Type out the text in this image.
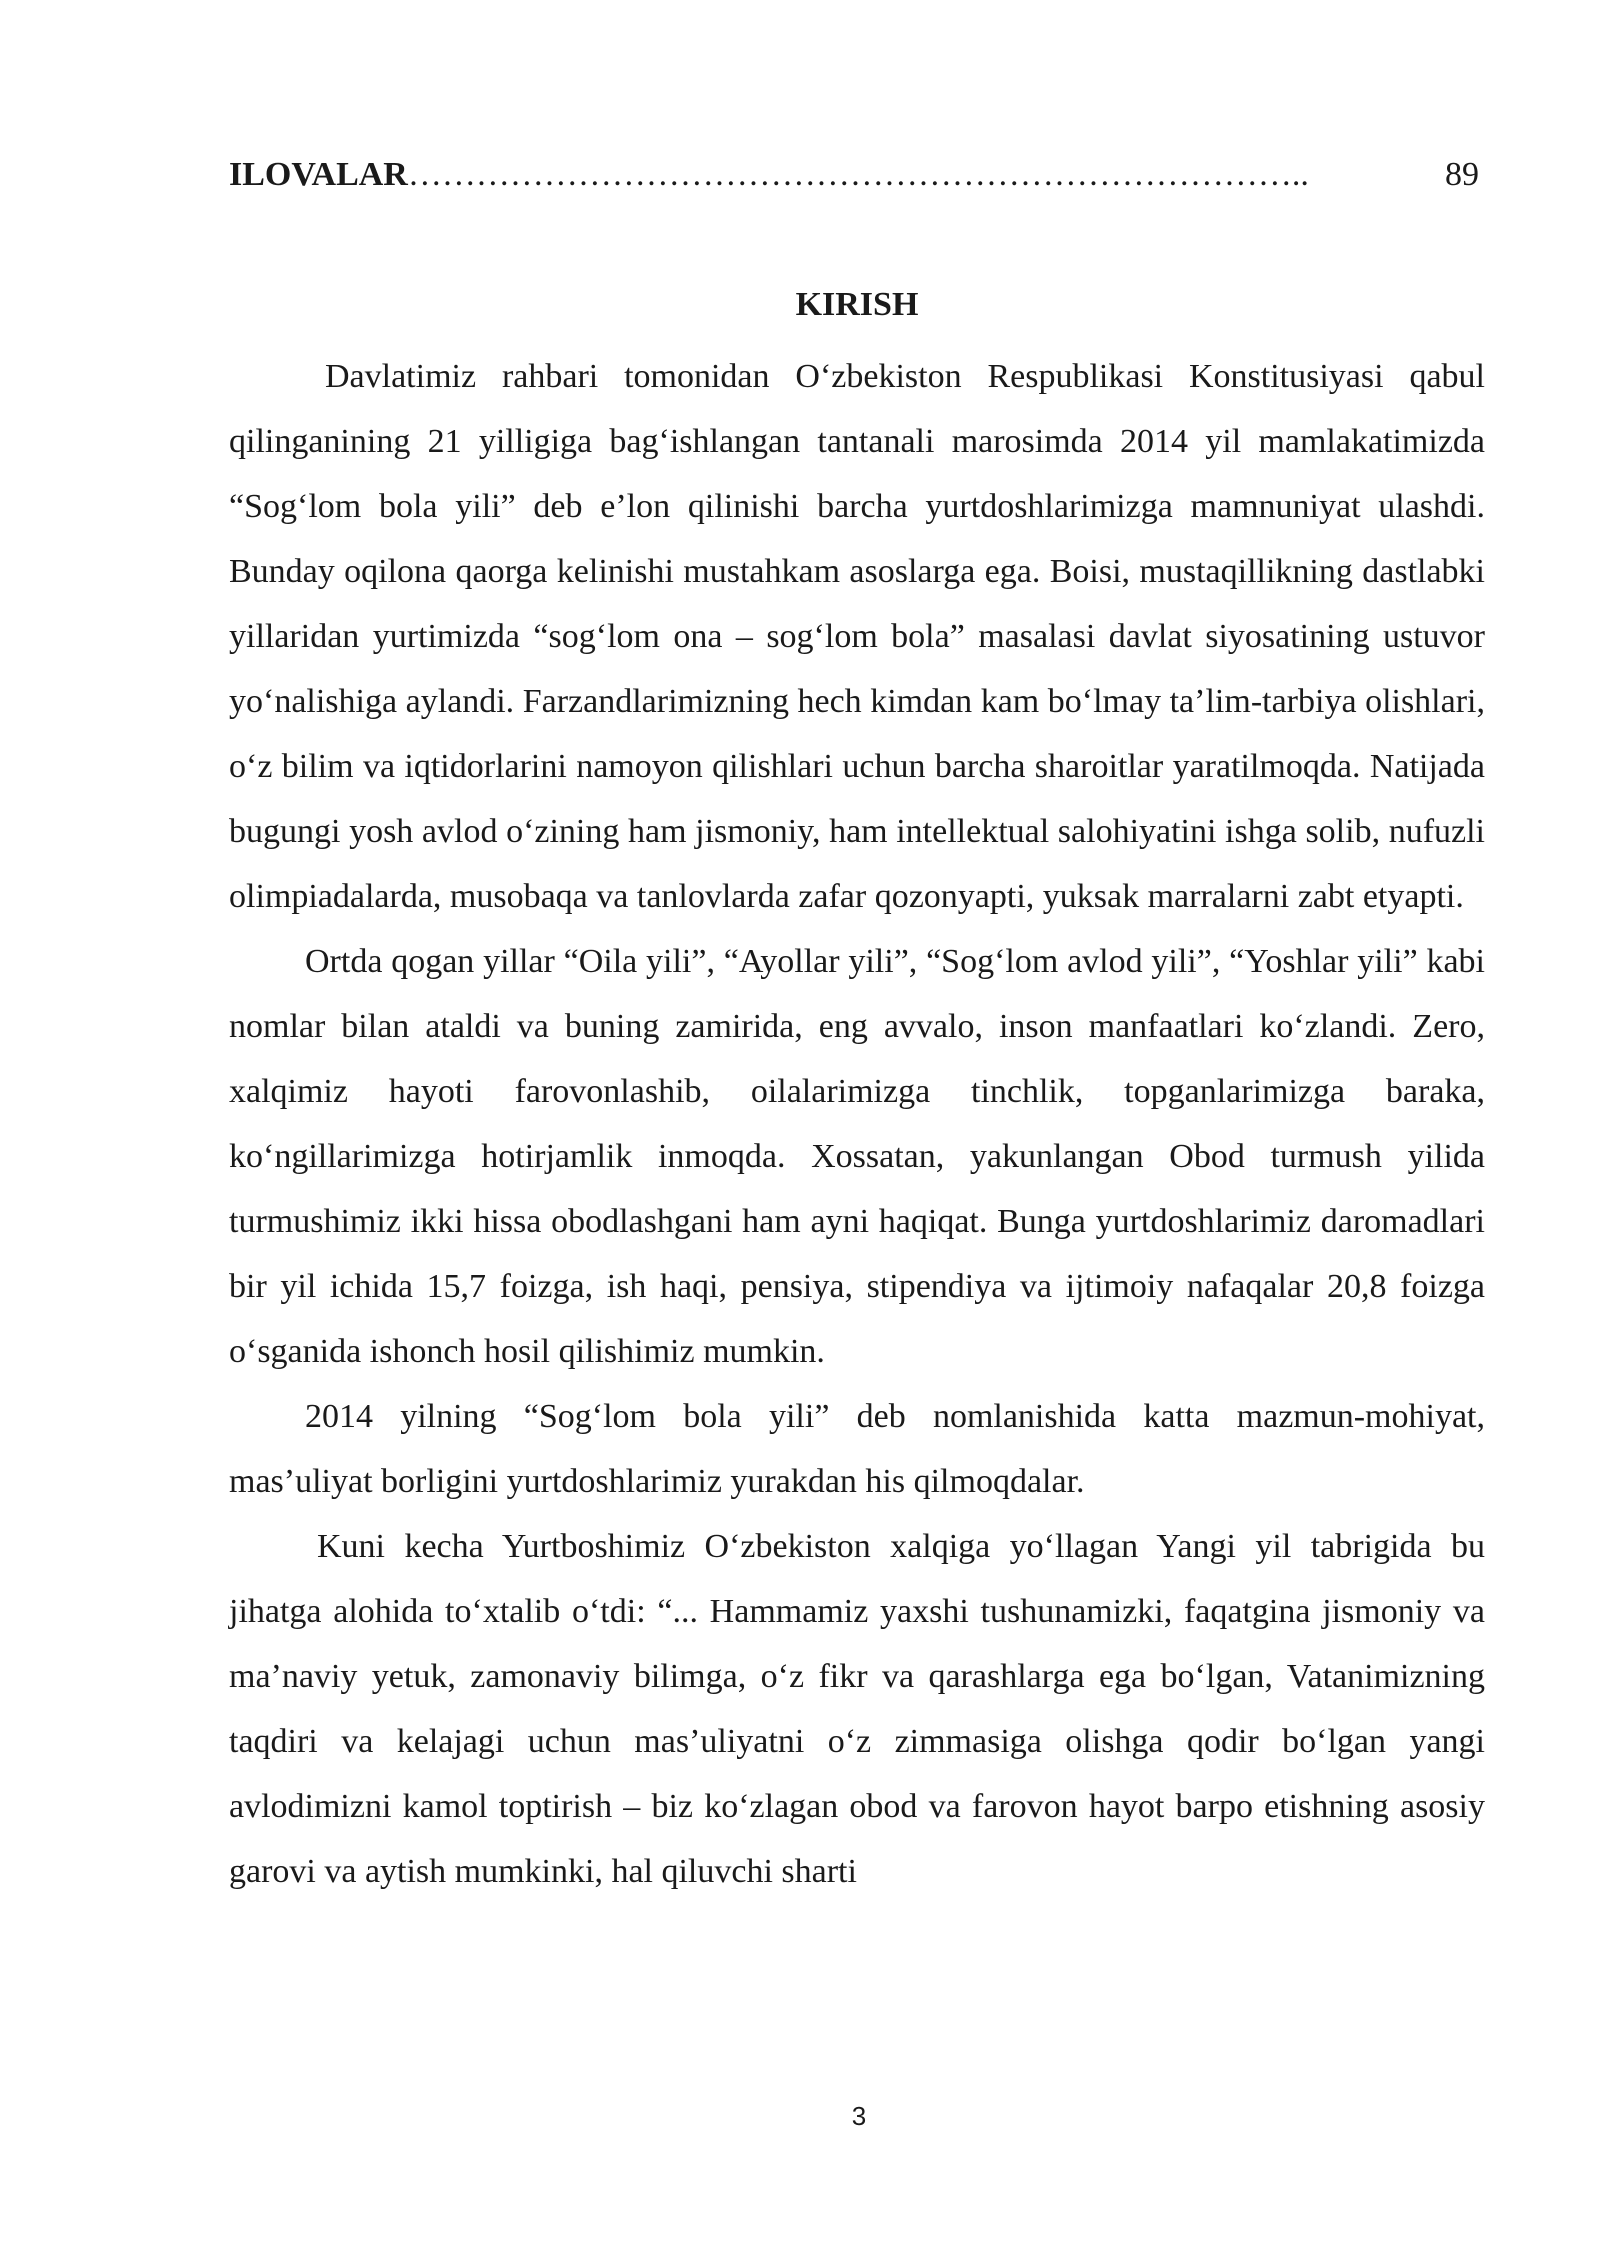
ILOVALAR……………………………………………………………………..	89
KIRISH

Davlatimiz rahbari tomonidan O‘zbekiston Respublikasi Konstitusiyasi qabul qilinganining 21 yilligiga bag‘ishlangan tantanali marosimda 2014 yil mamlakatimizda “Sog‘lom bola yili” deb e’lon qilinishi barcha yurtdoshlarimizga mamnuniyat ulashdi. Bunday oqilona qaorga kelinishi mustahkam asoslarga ega. Boisi, mustaqillikning dastlabki yillaridan yurtimizda “sog‘lom ona – sog‘lom bola” masalasi davlat siyosatining ustuvor yo‘nalishiga aylandi. Farzandlarimizning hech kimdan kam bo‘lmay ta’lim-tarbiya olishlari, o‘z bilim va iqtidorlarini namoyon qilishlari uchun barcha sharoitlar yaratilmoqda. Natijada bugungi yosh avlod o‘zining ham jismoniy, ham intellektual salohiyatini ishga solib, nufuzli olimpiadalarda, musobaqa va tanlovlarda zafar qozonyapti, yuksak marralarni zabt etyapti.

Ortda qogan yillar “Oila yili”, “Ayollar yili”, “Sog‘lom avlod yili”, “Yoshlar yili” kabi nomlar bilan ataldi va buning zamirida, eng avvalo, inson manfaatlari ko‘zlandi. Zero, xalqimiz hayoti farovonlashib, oilalarimizga tinchlik, topganlarimizga baraka, ko‘ngillarimizga hotirjamlik inmoqda. Xossatan, yakunlangan Obod turmush yilida turmushimiz ikki hissa obodlashgani ham ayni haqiqat. Bunga yurtdoshlarimiz daromadlari bir yil ichida 15,7 foizga, ish haqi, pensiya, stipendiya va ijtimoiy nafaqalar 20,8 foizga o‘sganida ishonch hosil qilishimiz mumkin.

2014 yilning “Sog‘lom bola yili” deb nomlanishida katta mazmun-mohiyat, mas’uliyat borligini yurtdoshlarimiz yurakdan his qilmoqdalar.

Kuni kecha Yurtboshimiz O‘zbekiston xalqiga yo‘llagan Yangi yil tabrigida bu jihatga alohida to‘xtalib o‘tdi: “... Hammamiz yaxshi tushunamizki, faqatgina jismoniy va ma’naviy yetuk, zamonaviy bilimga, o‘z fikr va qarashlarga ega bo‘lgan, Vatanimizning taqdiri va kelajagi uchun mas’uliyatni o‘z zimmasiga olishga qodir bo‘lgan yangi avlodimizni kamol toptirish – biz ko‘zlagan obod va farovon hayot barpo etishning asosiy garovi va aytish mumkinki, hal qiluvchi sharti

3
